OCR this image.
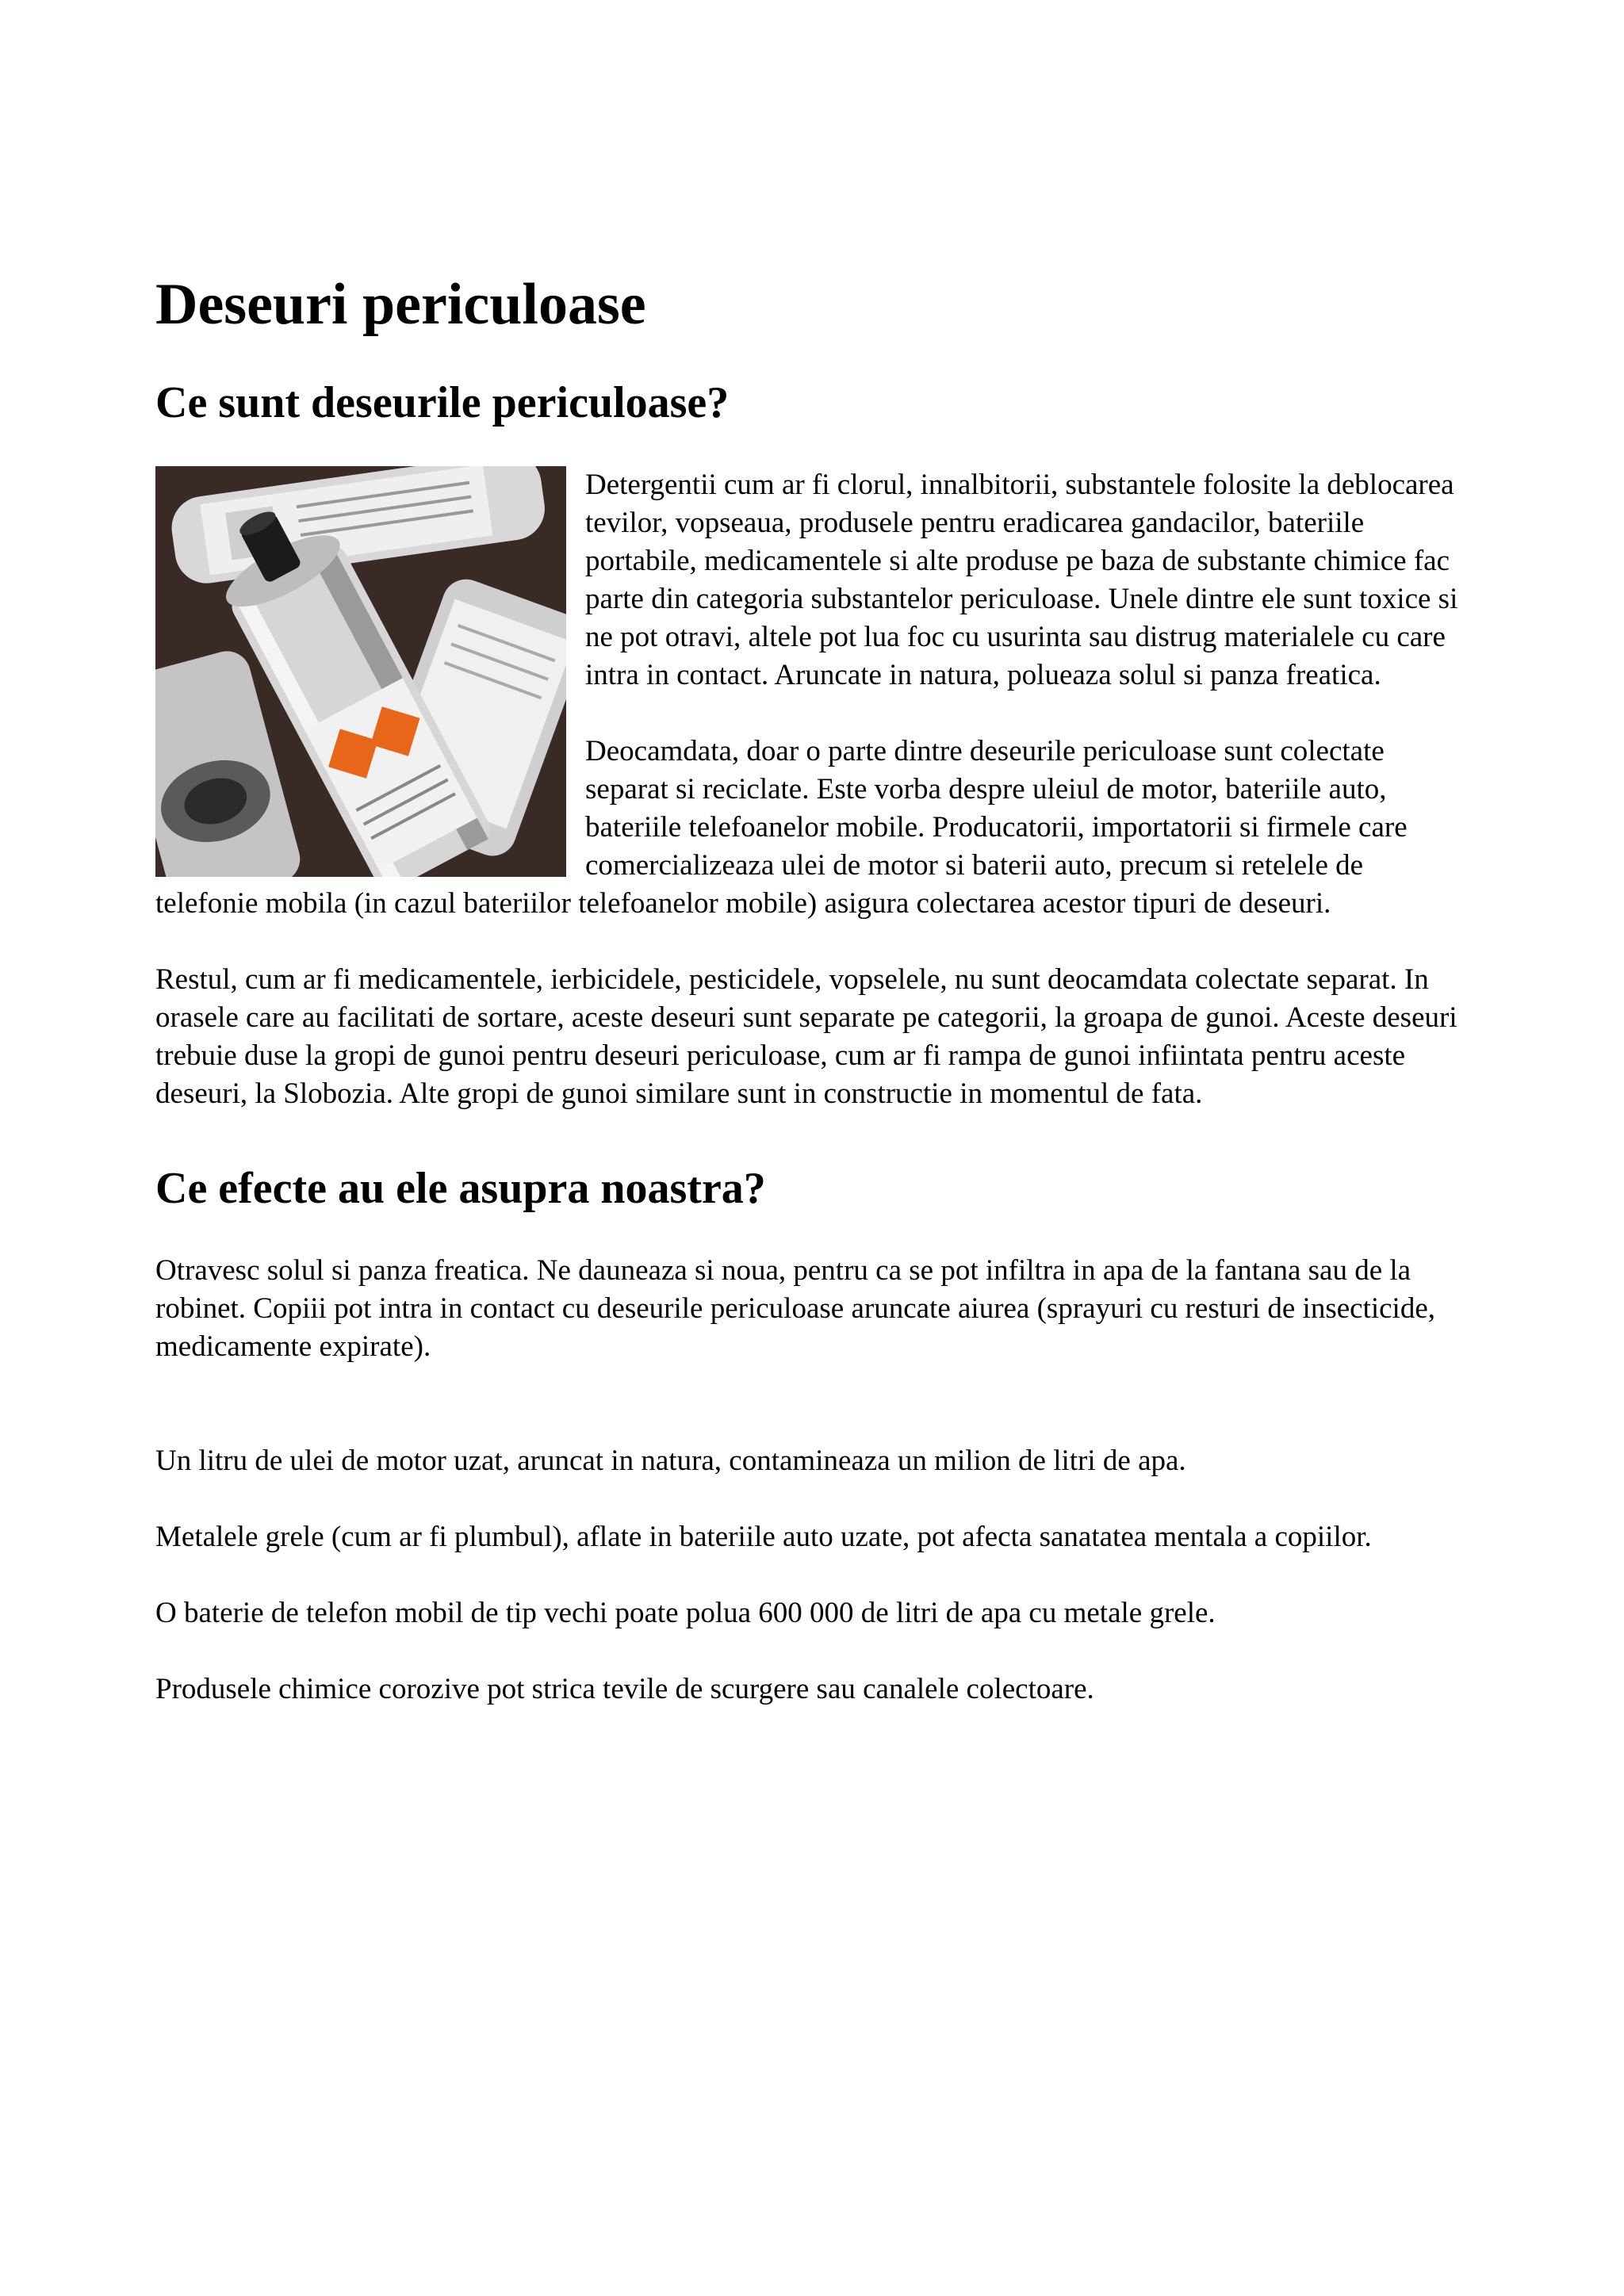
Deseuri periculoase
Ce sunt deseurile periculoase?

Detergentii cum ar fi clorul, innalbitorii, substantele folosite la deblocarea tevilor, vopseaua, produsele pentru eradicarea gandacilor, bateriile portabile, medicamentele si alte produse pe baza de substante chimice fac parte din categoria substantelor periculoase. Unele dintre ele sunt toxice si ne pot otravi, altele pot lua foc cu usurinta sau distrug materialele cu care intra in contact. Aruncate in natura, polueaza solul si panza freatica.

Deocamdata, doar o parte dintre deseurile periculoase sunt colectate separat si reciclate. Este vorba despre uleiul de motor, bateriile auto, bateriile telefoanelor mobile. Producatorii, importatorii si firmele care comercializeaza ulei de motor si baterii auto, precum si retelele de telefonie mobila (in cazul bateriilor telefoanelor mobile) asigura colectarea acestor tipuri de deseuri.

Restul, cum ar fi medicamentele, ierbicidele, pesticidele, vopselele, nu sunt deocamdata colectate separat. In orasele care au facilitati de sortare, aceste deseuri sunt separate pe categorii, la groapa de gunoi. Aceste deseuri trebuie duse la gropi de gunoi pentru deseuri periculoase, cum ar fi rampa de gunoi infiintata pentru aceste deseuri, la Slobozia. Alte gropi de gunoi similare sunt in constructie in momentul de fata.

Ce efecte au ele asupra noastra?

Otravesc solul si panza freatica. Ne dauneaza si noua, pentru ca se pot infiltra in apa de la fantana sau de la robinet. Copiii pot intra in contact cu deseurile periculoase aruncate aiurea (sprayuri cu resturi de insecticide, medicamente expirate).

Un litru de ulei de motor uzat, aruncat in natura, contamineaza un milion de litri de apa.

Metalele grele (cum ar fi plumbul), aflate in bateriile auto uzate, pot afecta sanatatea mentala a copiilor.

O baterie de telefon mobil de tip vechi poate polua 600 000 de litri de apa cu metale grele.

Produsele chimice corozive pot strica tevile de scurgere sau canalele colectoare.
